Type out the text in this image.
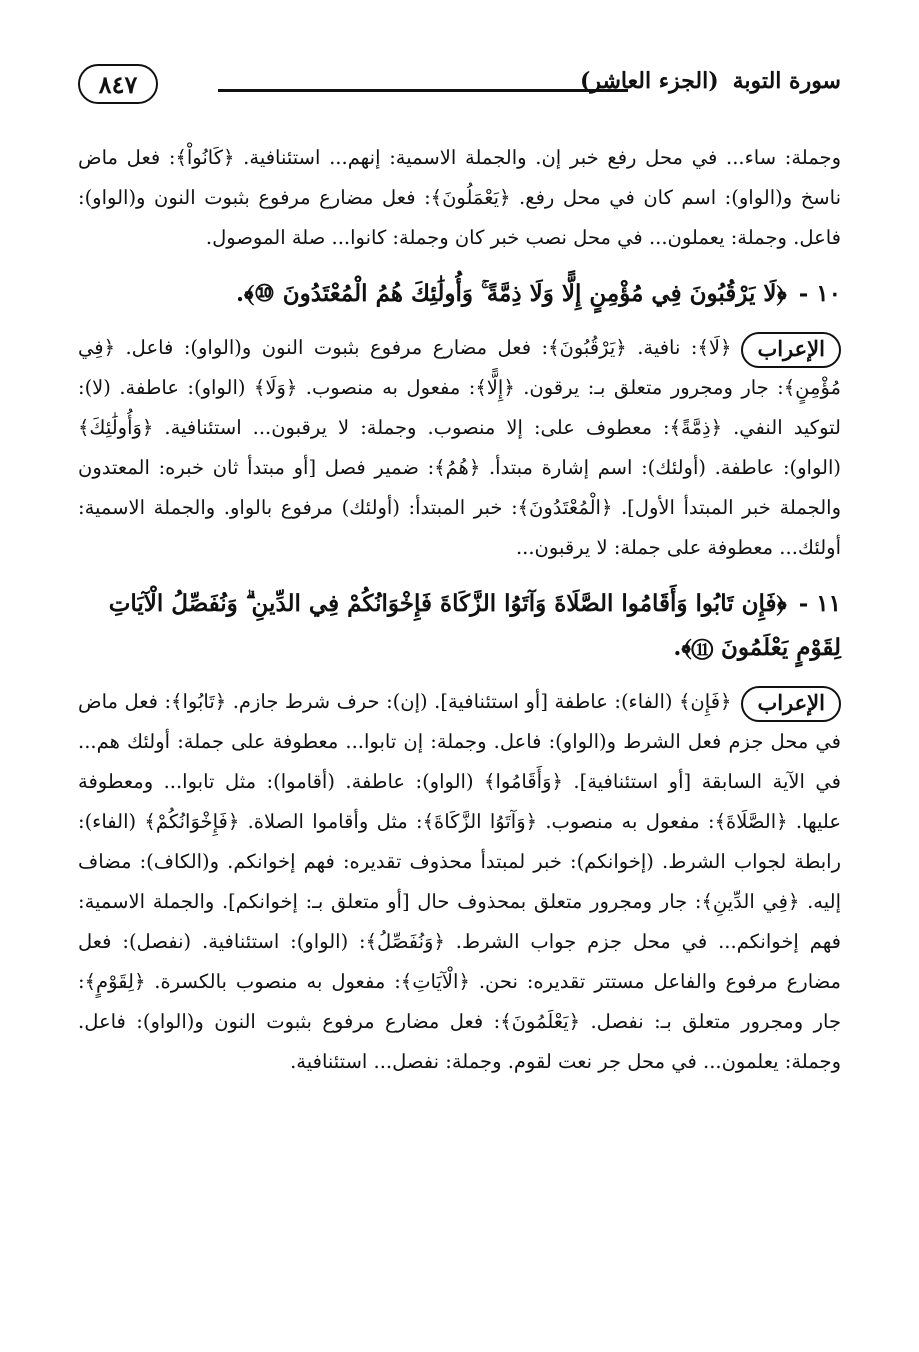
سورة التوبة(الجزء العاشر)
٨٤٧

وجملة: ساء... في محل رفع خبر إن. والجملة الاسمية: إنهم... استئنافية. ﴿كَانُواْ﴾: فعل ماض ناسخ و(الواو): اسم كان في محل رفع. ﴿يَعْمَلُونَ﴾: فعل مضارع مرفوع بثبوت النون و(الواو): فاعل. وجملة: يعملون... في محل نصب خبر كان وجملة: كانوا... صلة الموصول.

١٠ - ﴿لَا يَرْقُبُونَ فِي مُؤْمِنٍ إِلًّا وَلَا ذِمَّةً ۚ وَأُولَٰئِكَ هُمُ الْمُعْتَدُونَ ⑩﴾.

الإعراب

﴿لَا﴾: نافية. ﴿يَرْقُبُونَ﴾: فعل مضارع مرفوع بثبوت النون و(الواو): فاعل. ﴿فِي مُؤْمِنٍ﴾: جار ومجرور متعلق بـ: يرقون. ﴿إِلًّا﴾: مفعول به منصوب. ﴿وَلَا﴾ (الواو): عاطفة. (لا): لتوكيد النفي. ﴿ذِمَّةً﴾: معطوف على: إلا منصوب. وجملة: لا يرقبون... استئنافية. ﴿وَأُولَٰئِكَ﴾ (الواو): عاطفة. (أولئك): اسم إشارة مبتدأ. ﴿هُمُ﴾: ضمير فصل [أو مبتدأ ثان خبره: المعتدون والجملة خبر المبتدأ الأول]. ﴿الْمُعْتَدُونَ﴾: خبر المبتدأ: (أولئك) مرفوع بالواو. والجملة الاسمية: أولئك... معطوفة على جملة: لا يرقبون...

١١ - ﴿فَإِن تَابُوا وَأَقَامُوا الصَّلَاةَ وَآتَوُا الزَّكَاةَ فَإِخْوَانُكُمْ فِي الدِّينِ ۗ وَنُفَصِّلُ الْآيَاتِ لِقَوْمٍ يَعْلَمُونَ ⑪﴾.

الإعراب

﴿فَإِن﴾ (الفاء): عاطفة [أو استئنافية]. (إن): حرف شرط جازم. ﴿تَابُوا﴾: فعل ماض في محل جزم فعل الشرط و(الواو): فاعل. وجملة: إن تابوا... معطوفة على جملة: أولئك هم... في الآية السابقة [أو استئنافية]. ﴿وَأَقَامُوا﴾ (الواو): عاطفة. (أقاموا): مثل تابوا... ومعطوفة عليها. ﴿الصَّلَاةَ﴾: مفعول به منصوب. ﴿وَآتَوُا الزَّكَاةَ﴾: مثل وأقاموا الصلاة. ﴿فَإِخْوَانُكُمْ﴾ (الفاء): رابطة لجواب الشرط. (إخوانكم): خبر لمبتدأ محذوف تقديره: فهم إخوانكم. و(الكاف): مضاف إليه. ﴿فِي الدِّينِ﴾: جار ومجرور متعلق بمحذوف حال [أو متعلق بـ: إخوانكم]. والجملة الاسمية: فهم إخوانكم... في محل جزم جواب الشرط. ﴿وَنُفَصِّلُ﴾: (الواو): استئنافية. (نفصل): فعل مضارع مرفوع والفاعل مستتر تقديره: نحن. ﴿الْآيَاتِ﴾: مفعول به منصوب بالكسرة. ﴿لِقَوْمٍ﴾: جار ومجرور متعلق بـ: نفصل. ﴿يَعْلَمُونَ﴾: فعل مضارع مرفوع بثبوت النون و(الواو): فاعل. وجملة: يعلمون... في محل جر نعت لقوم. وجملة: نفصل... استئنافية.
